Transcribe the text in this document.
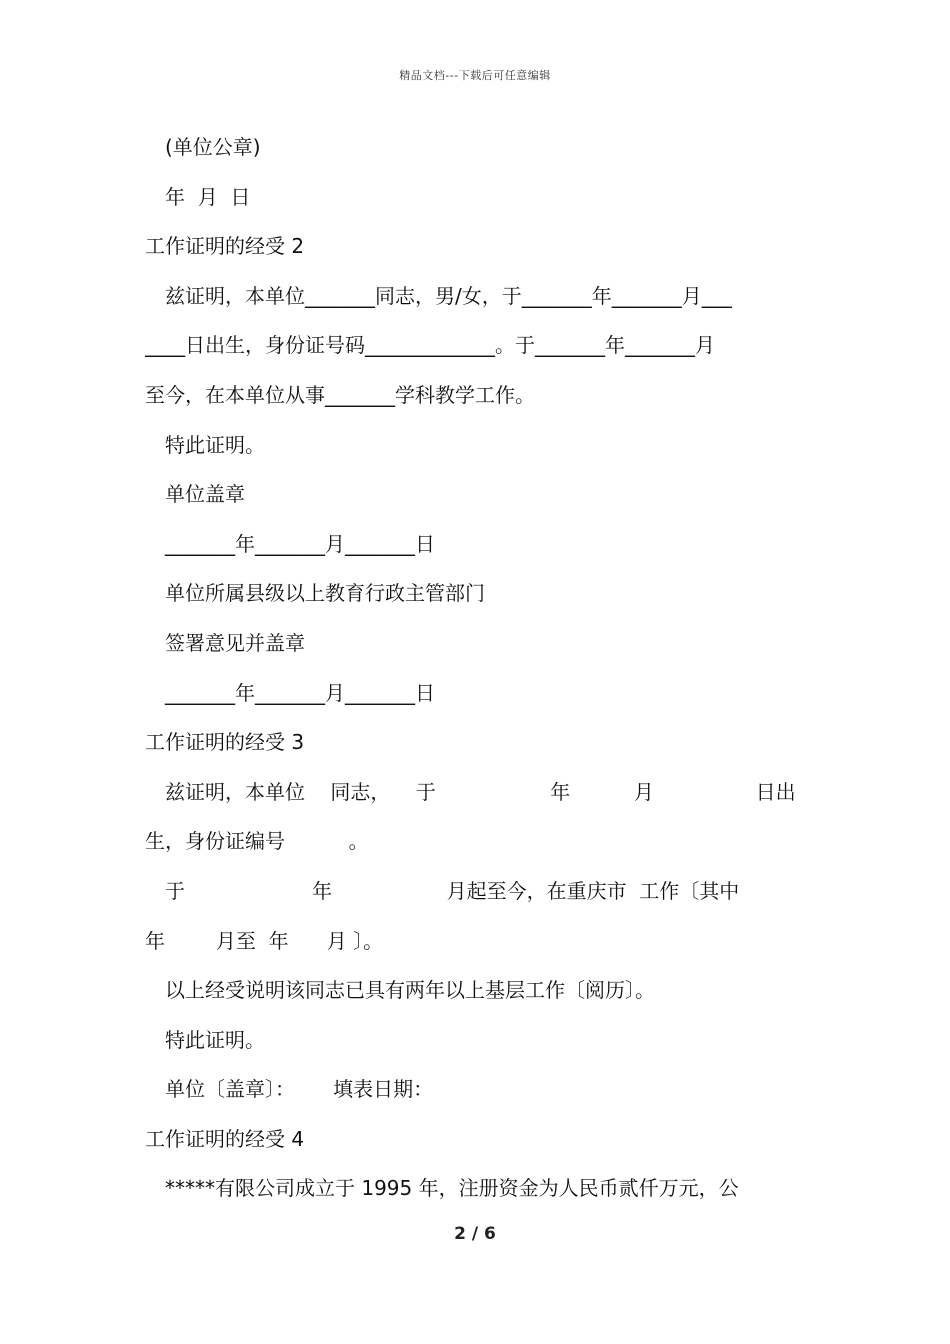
精品文档---下载后可任意编辑
(单位公章)
年  月  日
工作证明的经受 2
兹证明，本单位_______同志，男/女，于_______年_______月___
____日出生，身份证号码_____________。于_______年_______月
至今，在本单位从事_______学科教学工作。
特此证明。
单位盖章
_______年_______月_______日
单位所属县级以上教育行政主管部门
签署意见并盖章
_______年_______月_______日
工作证明的经受 3
兹证明，本单位    同志，    于                  年          月                日出
生，身份证编号          。
于                    年                  月起至今，在重庆市  工作〔其中
年        月至  年      月 〕。
以上经受说明该同志已具有两年以上基层工作〔阅历〕。
特此证明。
单位〔盖章〕：      填表日期：
工作证明的经受 4
*****有限公司成立于 1995 年，注册资金为人民币贰仟万元，公
2 / 6
